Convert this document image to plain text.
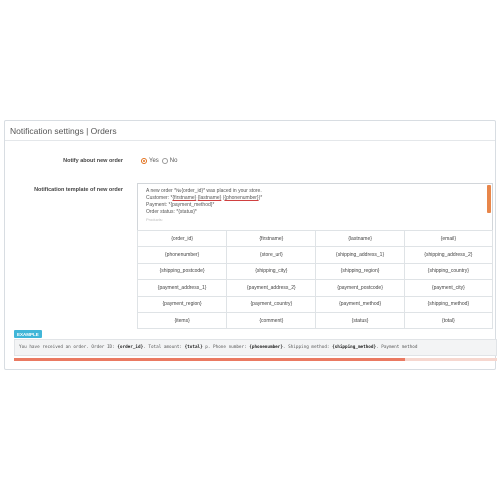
Notification settings | Orders
Notify about new order	Yes No
Notification template of new order	A new order *№{order_id}* was placed in your store.
Customer: *{firstname} {lastname} ({phonenumber})*
Payment: *{payment_method}*
Order status: *{status}*
Products:
{order_id}	{firstname}	{lastname}	{email}
{phonenumber}	{store_url}	{shipping_address_1}	{shipping_address_2}
{shipping_postcode}	{shipping_city}	{shipping_region}	{shipping_country}
{payment_address_1}	{payment_address_2}	{payment_postcode}	{payment_city}
{payment_region}	{payment_country}	{payment_method}	{shipping_method}
{items}	{comment}	{status}	{total}
EXAMPLE
You have received an order. Order ID: {order_id}. Total amount: {total} p. Phone number: {phonenumber}. Shipping method: {shipping_method}. Payment method
